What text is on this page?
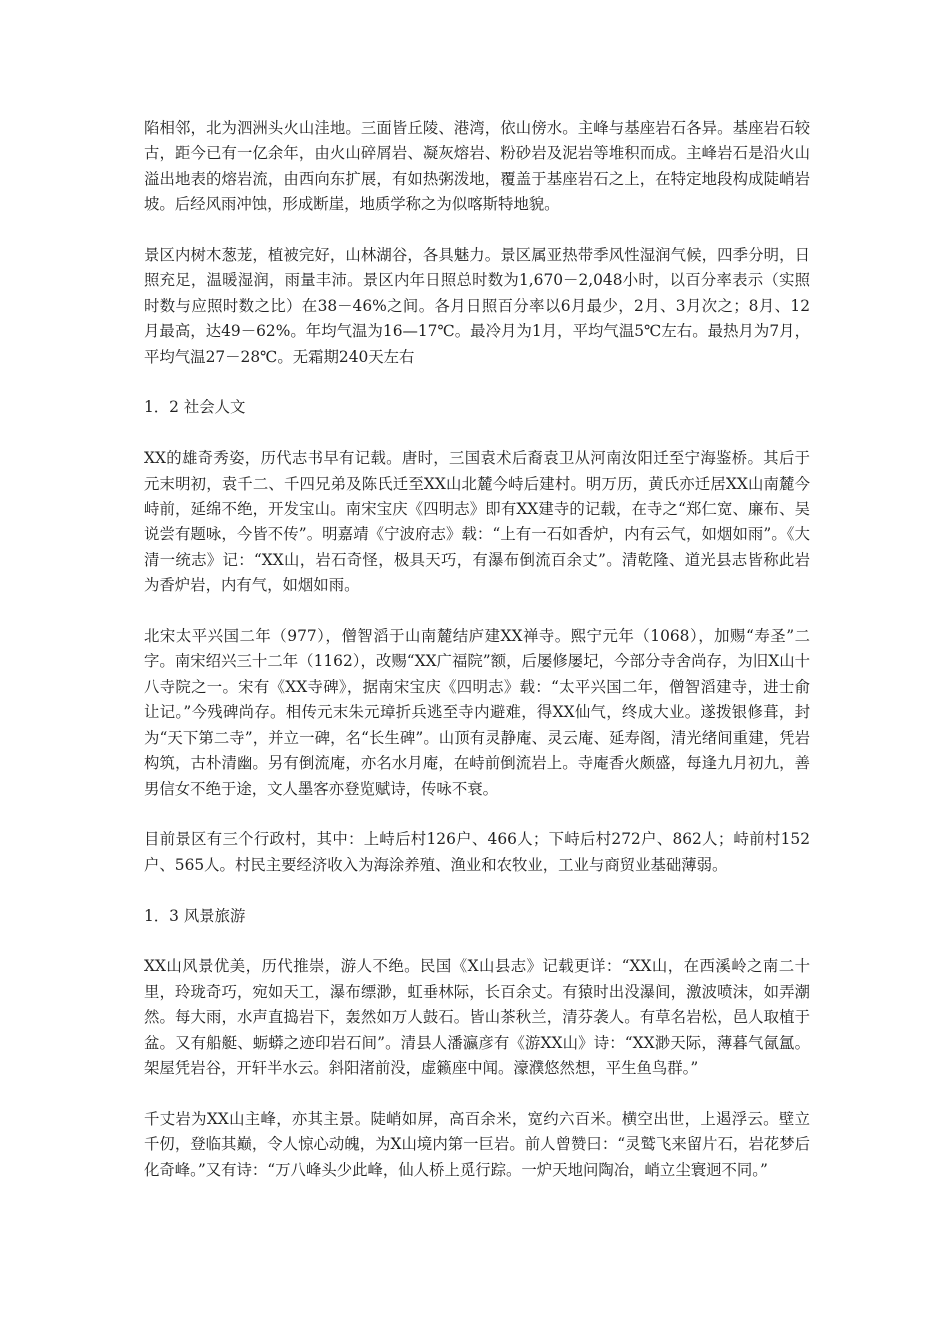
陷相邻，北为泗洲头火山洼地。三面皆丘陵、港湾，依山傍水。主峰与基座岩石各异。基座岩石较古，距今已有一亿余年，由火山碎屑岩、凝灰熔岩、粉砂岩及泥岩等堆积而成。主峰岩石是沿火山溢出地表的熔岩流，由西向东扩展，有如热粥泼地，覆盖于基座岩石之上，在特定地段构成陡峭岩坡。后经风雨冲蚀，形成断崖，地质学称之为似喀斯特地貌。

景区内树木葱茏，植被完好，山林湖谷，各具魅力。景区属亚热带季风性湿润气候，四季分明，日照充足，温暖湿润，雨量丰沛。景区内年日照总时数为1,670－2,048小时，以百分率表示（实照时数与应照时数之比）在38－46%之间。各月日照百分率以6月最少，2月、3月次之；8月、12月最高，达49－62%。年均气温为16—17℃。最冷月为1月，平均气温5℃左右。最热月为7月，平均气温27－28℃。无霜期240天左右

1．2 社会人文

XX的雄奇秀姿，历代志书早有记载。唐时，三国袁术后裔袁卫从河南汝阳迁至宁海鉴桥。其后于元末明初，袁千二、千四兄弟及陈氏迁至XX山北麓今峙后建村。明万历，黄氏亦迁居XX山南麓今峙前，延绵不绝，开发宝山。南宋宝庆《四明志》即有XX建寺的记载，在寺之“郑仁宽、廉布、吴说尝有题咏，今皆不传”。明嘉靖《宁波府志》载：“上有一石如香炉，内有云气，如烟如雨”。《大清一统志》记：“XX山，岩石奇怪，极具天巧，有瀑布倒流百余丈”。清乾隆、道光县志皆称此岩为香炉岩，内有气，如烟如雨。

北宋太平兴国二年（977），僧智滔于山南麓结庐建XX禅寺。熙宁元年（1068），加赐“寿圣”二字。南宋绍兴三十二年（1162），改赐“XX广福院”额，后屡修屡圮，今部分寺舍尚存，为旧X山十八寺院之一。宋有《XX寺碑》，据南宋宝庆《四明志》载：“太平兴国二年，僧智滔建寺，进士俞让记。”今残碑尚存。相传元末朱元璋折兵逃至寺内避难，得XX仙气，终成大业。遂拨银修葺，封为“天下第二寺”，并立一碑，名“长生碑”。山顶有灵静庵、灵云庵、延寿阁，清光绪间重建，凭岩构筑，古朴清幽。另有倒流庵，亦名水月庵，在峙前倒流岩上。寺庵香火颇盛，每逢九月初九，善男信女不绝于途，文人墨客亦登览赋诗，传咏不衰。

目前景区有三个行政村，其中：上峙后村126户、466人；下峙后村272户、862人；峙前村152户、565人。村民主要经济收入为海涂养殖、渔业和农牧业，工业与商贸业基础薄弱。

1．3 风景旅游

XX山风景优美，历代推崇，游人不绝。民国《X山县志》记载更详：“XX山，在西溪岭之南二十里，玲珑奇巧，宛如天工，瀑布缥渺，虹垂林际，长百余丈。有猿时出没瀑间，激波喷沫，如弄潮然。每大雨，水声直捣岩下，轰然如万人鼓石。皆山茶秋兰，清芬袭人。有草名岩松，邑人取植于盆。又有船艇、蛎蟒之迹印岩石间”。清县人潘瀛彦有《游XX山》诗：“XX渺天际，薄暮气氤氲。架屋凭岩谷，开轩半水云。斜阳渚前没，虚籁座中闻。濠濮悠然想，平生鱼鸟群。”

千丈岩为XX山主峰，亦其主景。陡峭如屏，高百余米，宽约六百米。横空出世，上遏浮云。壁立千仞，登临其巅，令人惊心动魄，为X山境内第一巨岩。前人曾赞曰：“灵鹫飞来留片石，岩花梦后化奇峰。”又有诗：“万八峰头少此峰，仙人桥上觅行踪。一炉天地问陶冶，峭立尘寰迥不同。”
